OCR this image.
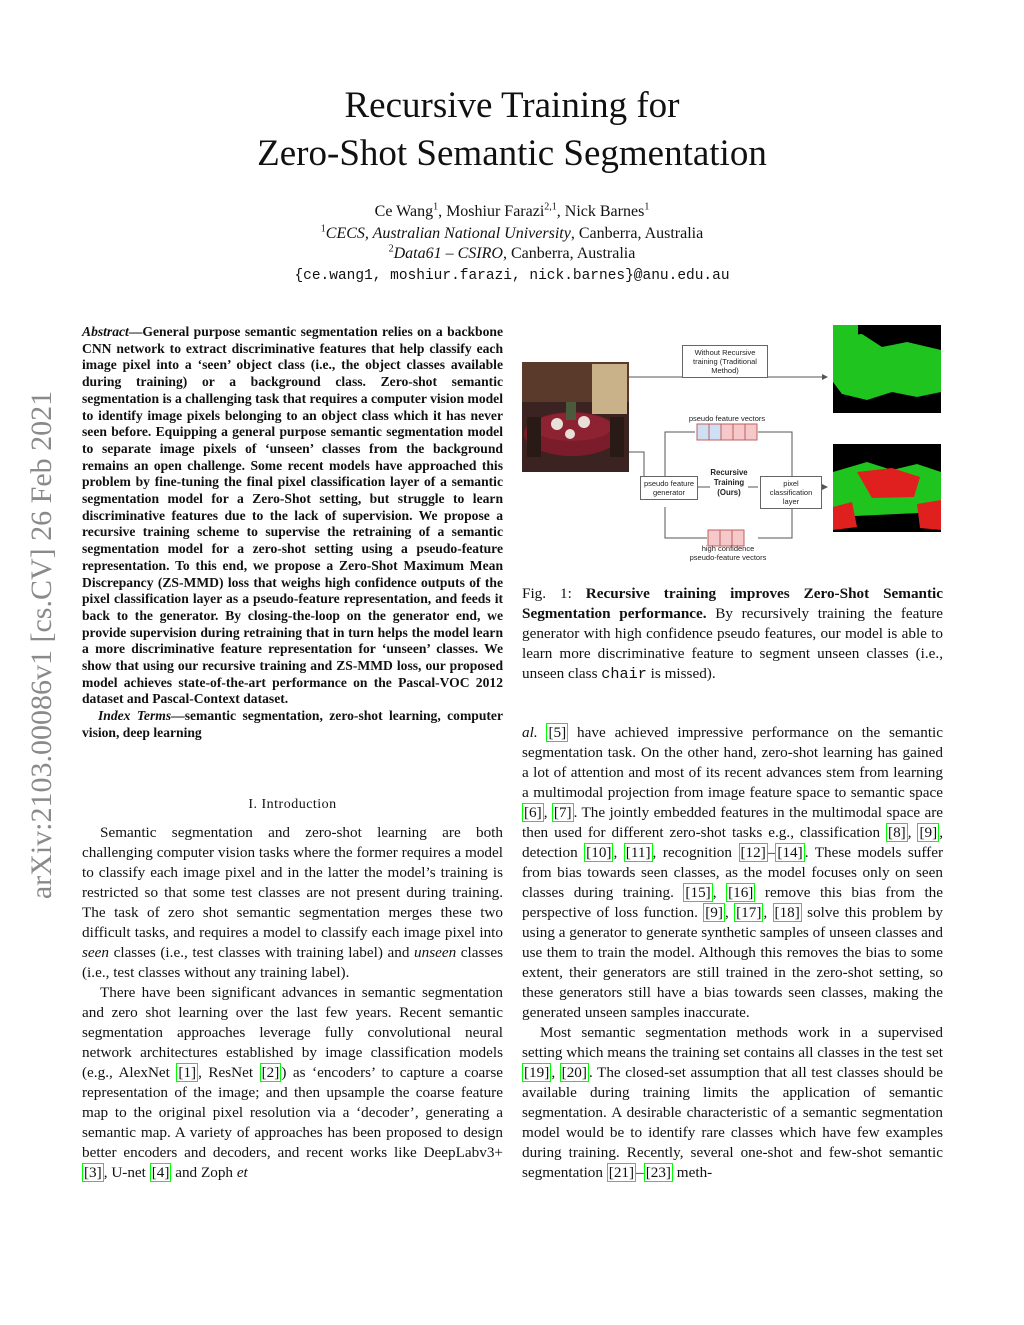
arXiv:2103.00086v1 [cs.CV] 26 Feb 2021
Recursive Training for
Zero-Shot Semantic Segmentation
Ce Wang$^1$, Moshiur Farazi$^{2,1}$, Nick Barnes$^1$
$^1$CECS, Australian National University, Canberra, Australia
$^2$Data61 – CSIRO, Canberra, Australia
{ce.wang1, moshiur.farazi, nick.barnes}@anu.edu.au
Abstract—General purpose semantic segmentation relies on a backbone CNN network to extract discriminative features that help classify each image pixel into a ‘seen’ object class (i.e., the object classes available during training) or a background class. Zero-shot semantic segmentation is a challenging task that requires a computer vision model to identify image pixels belonging to an object class which it has never seen before. Equipping a general purpose semantic segmentation model to separate image pixels of ‘unseen’ classes from the background remains an open challenge. Some recent models have approached this problem by fine-tuning the final pixel classification layer of a semantic segmentation model for a Zero-Shot setting, but struggle to learn discriminative features due to the lack of supervision. We propose a recursive training scheme to supervise the retraining of a semantic segmentation model for a zero-shot setting using a pseudo-feature representation. To this end, we propose a Zero-Shot Maximum Mean Discrepancy (ZS-MMD) loss that weighs high confidence outputs of the pixel classification layer as a pseudo-feature representation, and feeds it back to the generator. By closing-the-loop on the generator end, we provide supervision during retraining that in turn helps the model learn a more discriminative feature representation for ‘unseen’ classes. We show that using our recursive training and ZS-MMD loss, our proposed model achieves state-of-the-art performance on the Pascal-VOC 2012 dataset and Pascal-Context dataset.
Index Terms—semantic segmentation, zero-shot learning, computer vision, deep learning
I. Introduction

Semantic segmentation and zero-shot learning are both challenging computer vision tasks where the former requires a model to classify each image pixel and in the latter the model’s training is restricted so that some test classes are not present during training. The task of zero shot semantic segmentation merges these two difficult tasks, and requires a model to classify each image pixel into seen classes (i.e., test classes with training label) and unseen classes (i.e., test classes without any training label).

There have been significant advances in semantic segmentation and zero shot learning over the last few years. Recent semantic segmentation approaches leverage fully convolutional neural network architectures established by image classification models (e.g., AlexNet [1] , ResNet [2] ) as ‘encoders’ to capture a coarse representation of the image; and then upsample the coarse feature map to the original pixel resolution via a ‘decoder’, generating a semantic map. A variety of approaches has been proposed to design better encoders and decoders, and recent works like DeepLabv3+ [3] , U-net [4] and Zoph et

Without Recursive training (Traditional Method)
pseudo feature vectors
pseudo feature generator
Recursive Training (Ours)
pixel classification layer
high confidence pseudo-feature vectors
Fig. 1: Recursive training improves Zero-Shot Semantic Segmentation performance. By recursively training the feature generator with high confidence pseudo features, our model is able to learn more discriminative feature to segment unseen classes (i.e., unseen class chair is missed).

al. [5] have achieved impressive performance on the semantic segmentation task. On the other hand, zero-shot learning has gained a lot of attention and most of its recent advances stem from learning a multimodal projection from image feature space to semantic space [6] , [7] . The jointly embedded features in the multimodal space are then used for different zero-shot tasks e.g., classification [8] , [9] , detection [10] , [11] , recognition [12] – [14] . These models suffer from bias towards seen classes, as the model focuses only on seen classes during training. [15] , [16] remove this bias from the perspective of loss function. [9] , [17] , [18] solve this problem by using a generator to generate synthetic samples of unseen classes and use them to train the model. Although this removes the bias to some extent, their generators are still trained in the zero-shot setting, so these generators still have a bias towards seen classes, making the generated unseen samples inaccurate.

Most semantic segmentation methods work in a supervised setting which means the training set contains all classes in the test set [19] , [20] . The closed-set assumption that all test classes should be available during training limits the application of semantic segmentation. A desirable characteristic of a semantic segmentation model would be to identify rare classes which have few examples during training. Recently, several one-shot and few-shot semantic segmentation [21] – [23] meth-
